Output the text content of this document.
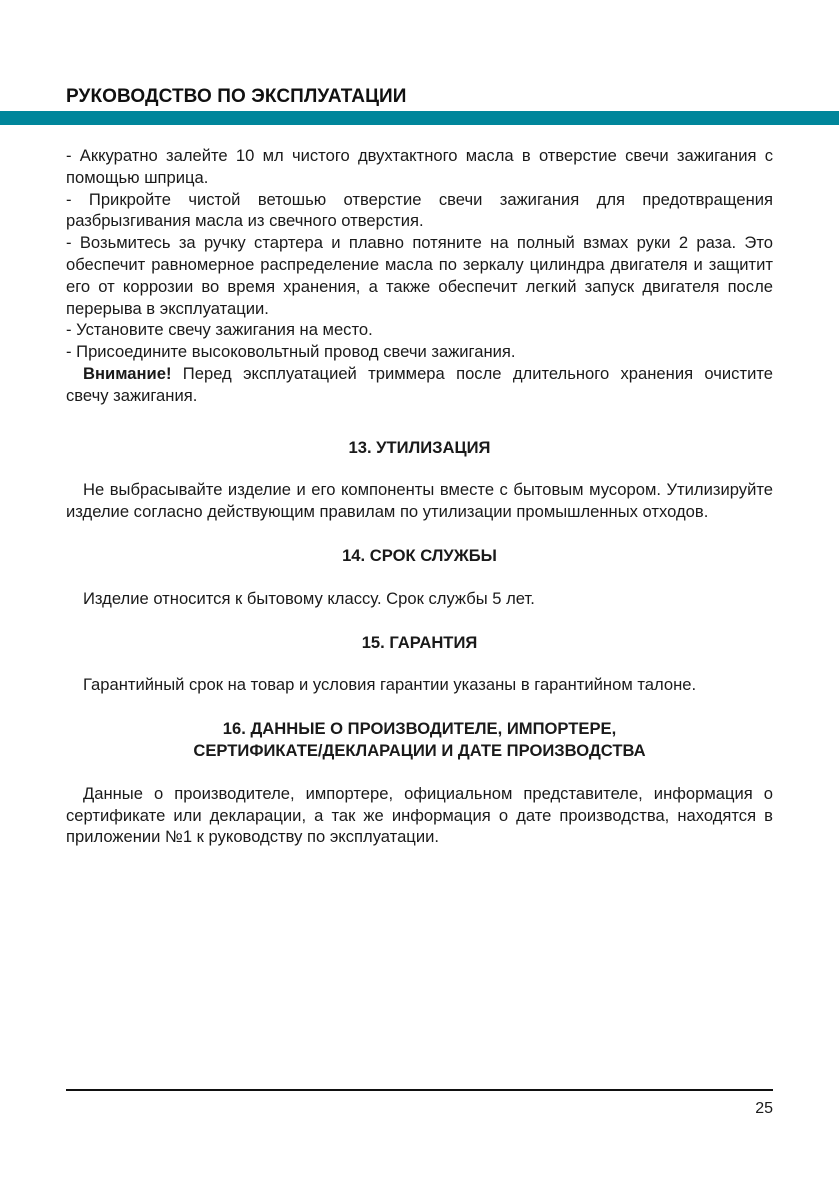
РУКОВОДСТВО ПО ЭКСПЛУАТАЦИИ

- Аккуратно залейте 10 мл чистого двухтактного масла в отверстие свечи зажигания с помощью шприца.

- Прикройте чистой ветошью отверстие свечи зажигания для предотвращения разбрызгивания масла из свечного отверстия.

- Возьмитесь за ручку стартера и плавно потяните на полный взмах руки 2 раза. Это обеспечит равномерное распределение масла по зеркалу цилиндра двигателя и защитит его от коррозии во время хранения, а также обеспечит легкий запуск двигателя после перерыва в эксплуатации.

- Установите свечу зажигания на место.

- Присоедините высоковольтный провод свечи зажигания.

Внимание! Перед эксплуатацией триммера после длительного хранения очистите свечу зажигания.

13. УТИЛИЗАЦИЯ

Не выбрасывайте изделие и его компоненты вместе с бытовым мусором. Утилизируйте изделие согласно действующим правилам по утилизации промышленных отходов.

14. СРОК СЛУЖБЫ

Изделие относится к бытовому классу. Срок службы 5 лет.

15. ГАРАНТИЯ

Гарантийный срок на товар и условия гарантии указаны в гарантийном талоне.

16. ДАННЫЕ О ПРОИЗВОДИТЕЛЕ, ИМПОРТЕРЕ,
СЕРТИФИКАТЕ/ДЕКЛАРАЦИИ И ДАТЕ ПРОИЗВОДСТВА

Данные о производителе, импортере, официальном представителе, информация о сертификате или декларации, а так же информация о дате производства, находятся в приложении №1 к руководству по эксплуатации.

25
